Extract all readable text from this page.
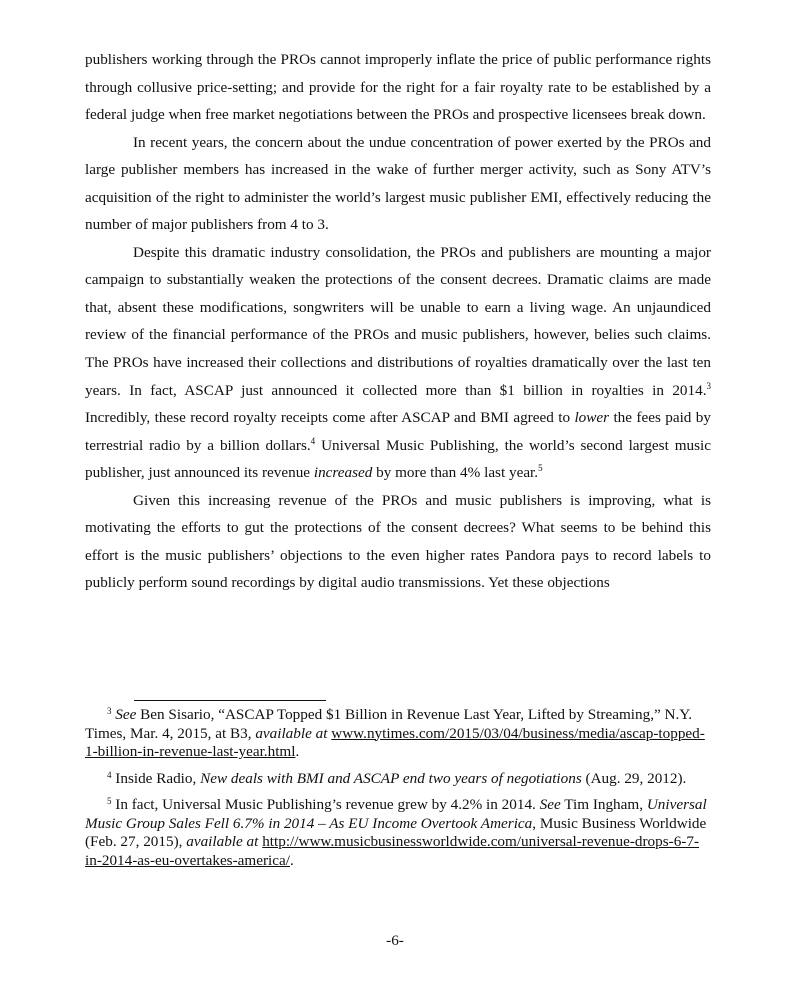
publishers working through the PROs cannot improperly inflate the price of public performance rights through collusive price-setting; and provide for the right for a fair royalty rate to be established by a federal judge when free market negotiations between the PROs and prospective licensees break down.

In recent years, the concern about the undue concentration of power exerted by the PROs and large publisher members has increased in the wake of further merger activity, such as Sony ATV’s acquisition of the right to administer the world’s largest music publisher EMI, effectively reducing the number of major publishers from 4 to 3.

Despite this dramatic industry consolidation, the PROs and publishers are mounting a major campaign to substantially weaken the protections of the consent decrees. Dramatic claims are made that, absent these modifications, songwriters will be unable to earn a living wage. An unjaundiced review of the financial performance of the PROs and music publishers, however, belies such claims. The PROs have increased their collections and distributions of royalties dramatically over the last ten years. In fact, ASCAP just announced it collected more than $1 billion in royalties in 2014.$^3$ Incredibly, these record royalty receipts come after ASCAP and BMI agreed to lower the fees paid by terrestrial radio by a billion dollars.$^4$ Universal Music Publishing, the world’s second largest music publisher, just announced its revenue increased by more than 4% last year.$^5$

Given this increasing revenue of the PROs and music publishers is improving, what is motivating the efforts to gut the protections of the consent decrees? What seems to be behind this effort is the music publishers’ objections to the even higher rates Pandora pays to record labels to publicly perform sound recordings by digital audio transmissions. Yet these objections

$^3$ See Ben Sisario, “ASCAP Topped $1 Billion in Revenue Last Year, Lifted by Streaming,” N.Y. Times, Mar. 4, 2015, at B3, available at www.nytimes.com/2015/03/04/business/media/ascap-topped-1-billion-in-revenue-last-year.html.

$^4$ Inside Radio, New deals with BMI and ASCAP end two years of negotiations (Aug. 29, 2012).

$^5$ In fact, Universal Music Publishing’s revenue grew by 4.2% in 2014. See Tim Ingham, Universal Music Group Sales Fell 6.7% in 2014 – As EU Income Overtook America, Music Business Worldwide (Feb. 27, 2015), available at http://www.musicbusinessworldwide.com/universal-revenue-drops-6-7-in-2014-as-eu-overtakes-america/.

-6-
